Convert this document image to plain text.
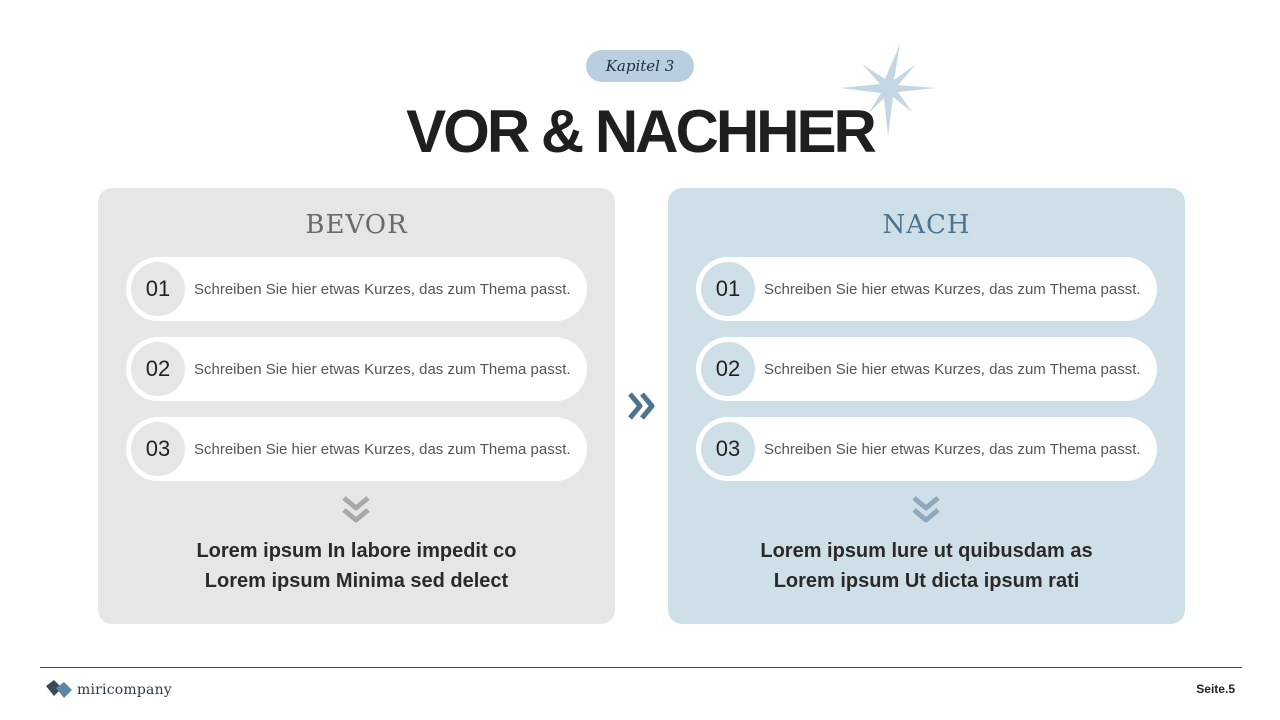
Kapitel 3
VOR & NACHHER
BEVOR
01	Schreiben Sie hier etwas Kurzes, das zum Thema passt.
02	Schreiben Sie hier etwas Kurzes, das zum Thema passt.
03	Schreiben Sie hier etwas Kurzes, das zum Thema passt.
Lorem ipsum In labore impedit co
Lorem ipsum Minima sed delect
NACH
01	Schreiben Sie hier etwas Kurzes, das zum Thema passt.
02	Schreiben Sie hier etwas Kurzes, das zum Thema passt.
03	Schreiben Sie hier etwas Kurzes, das zum Thema passt.
Lorem ipsum lure ut quibusdam as
Lorem ipsum Ut dicta ipsum rati
miricompany	Seite.5
